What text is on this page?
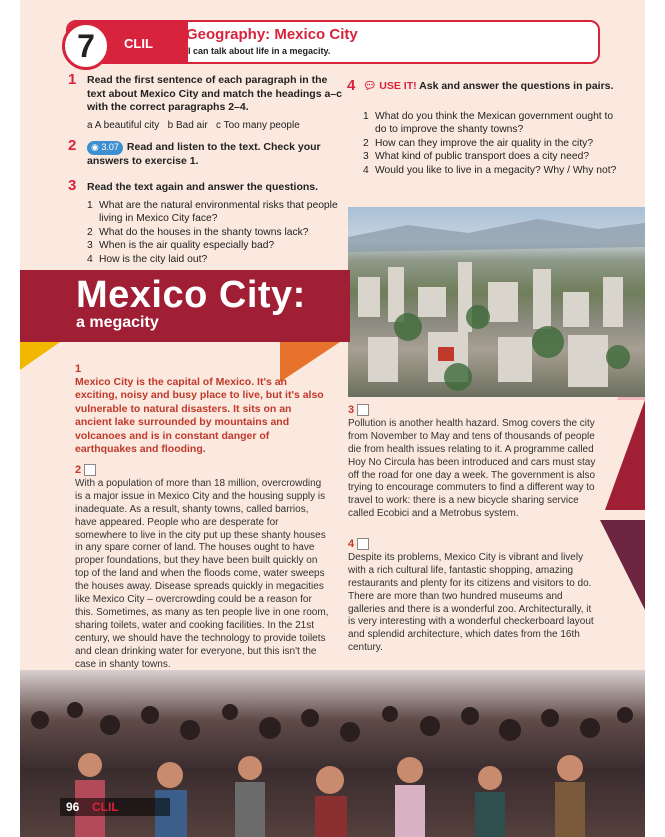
7	CLIL
Geography: Mexico City
I can talk about life in a megacity.
1 Read the first sentence of each paragraph in the text about Mexico City and match the headings a–c with the correct paragraphs 2–4.
a A beautiful city b Bad air c Too many people
2	◉ 3.07 Read and listen to the text. Check your answers to exercise 1.
3 Read the text again and answer the questions.
1 What are the natural environmental risks that people living in Mexico City face?
2 What do the houses in the shanty towns lack?
3 When is the air quality especially bad?
4 How is the city laid out?
4 💬︎ USE IT! Ask and answer the questions in pairs.
1 What do you think the Mexican government ought to do to improve the shanty towns?
2 How can they improve the air quality in the city?
3 What kind of public transport does a city need?
4 Would you like to live in a megacity? Why / Why not?
Mexico City:
a megacity
1
Mexico City is the capital of Mexico. It's an exciting, noisy and busy place to live, but it's also vulnerable to natural disasters. It sits on an ancient lake surrounded by mountains and volcanoes and is in constant danger of earthquakes and flooding.
2
With a population of more than 18 million, overcrowding is a major issue in Mexico City and the housing supply is inadequate. As a result, shanty towns, called barrios, have appeared. People who are desperate for somewhere to live in the city put up these shanty houses in any spare corner of land. The houses ought to have proper foundations, but they have been built quickly on top of the land and when the floods come, water sweeps the houses away. Disease spreads quickly in megacities like Mexico City – overcrowding could be a reason for this. Sometimes, as many as ten people live in one room, sharing toilets, water and cooking facilities. In the 21st century, we should have the technology to provide toilets and clean drinking water for everyone, but this isn't the case in shanty towns.
3
Pollution is another health hazard. Smog covers the city from November to May and tens of thousands of people die from health issues relating to it. A programme called Hoy No Circula has been introduced and cars must stay off the road for one day a week. The government is also trying to encourage commuters to find a different way to travel to work: there is a new bicycle sharing service called Ecobici and a Metrobus system.
4
Despite its problems, Mexico City is vibrant and lively with a rich cultural life, fantastic shopping, amazing restaurants and plenty for its citizens and visitors to do. There are more than two hundred museums and galleries and there is a wonderful zoo. Architecturally, it is very interesting with a wonderful checkerboard layout and splendid architecture, which dates from the 16th century.
96 CLIL
